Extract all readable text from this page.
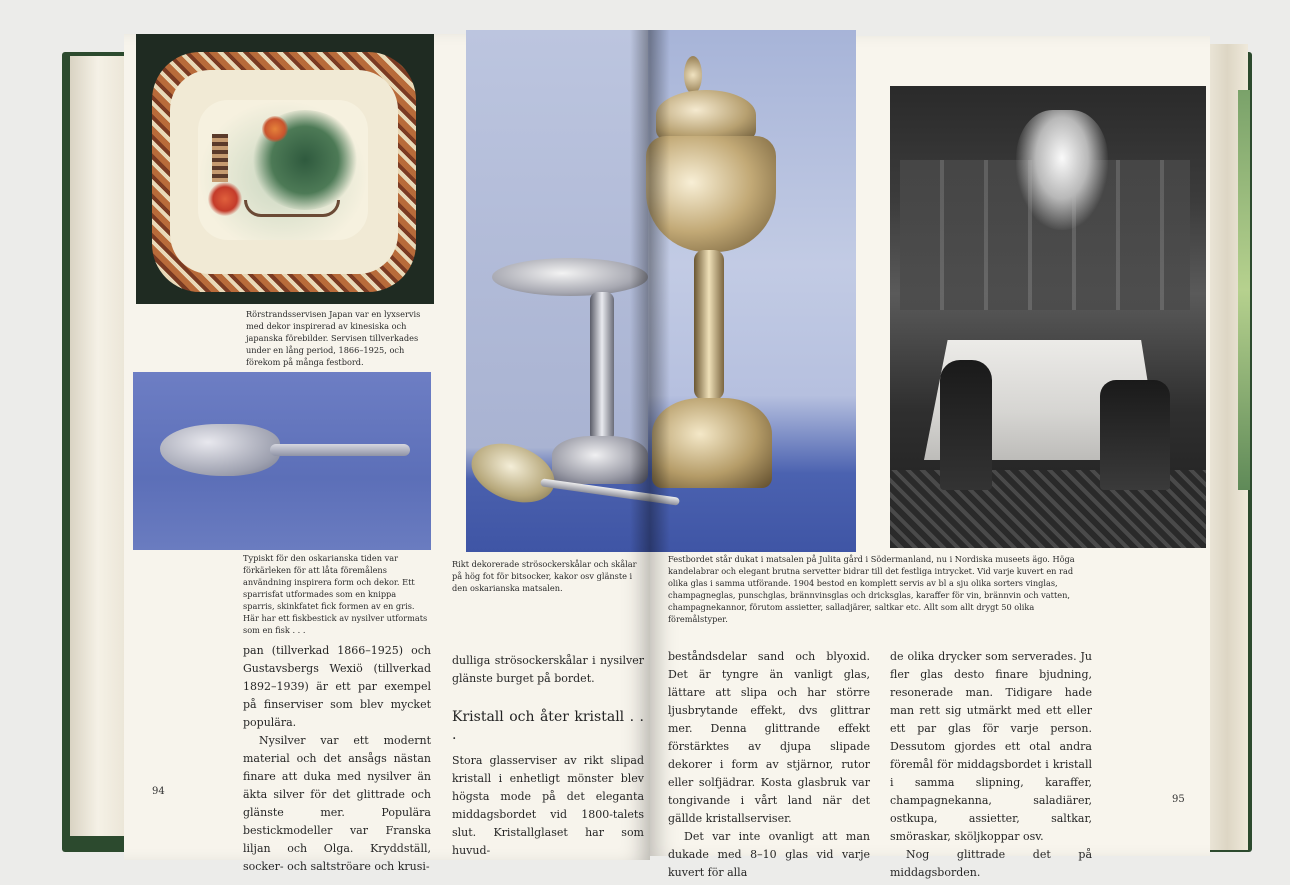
Rörstrandsservisen Japan var en lyxservis med dekor inspirerad av kinesiska och japanska förebilder. Servisen tillverkades under en lång period, 1866–1925, och förekom på många festbord.
Typiskt för den oskarianska tiden var förkärleken för att låta föremålens användning inspirera form och dekor. Ett sparrisfat utformades som en knippa sparris, skinkfatet fick formen av en gris. Här har ett fiskbestick av nysilver utformats som en fisk . . .
Rikt dekorerade strösockerskålar och skålar på hög fot för bitsocker, kakor osv glänste i den oskarianska matsalen.
Festbordet står dukat i matsalen på Julita gård i Södermanland, nu i Nordiska museets ägo. Höga kandelabrar och elegant brutna servetter bidrar till det festliga intrycket. Vid varje kuvert en rad olika glas i samma utförande. 1904 bestod en komplett servis av bl a sju olika sorters vinglas, champagneglas, punschglas, brännvinsglas och dricksglas, karaffer för vin, brännvin och vatten, champagnekannor, förutom assietter, salladjärer, saltkar etc. Allt som allt drygt 50 olika föremålstyper.

pan (tillverkad 1866–1925) och Gustavsbergs Wexiö (tillverkad 1892–1939) är ett par exempel på finserviser som blev mycket populära.

Nysilver var ett modernt material och det ansågs nästan finare att duka med nysilver än äkta silver för det glittrade och glänste mer. Populära bestickmodeller var Franska liljan och Olga. Kryddställ, socker- och saltströare och krusi-

dulliga strösockerskålar i nysilver glänste burget på bordet.

Kristall och åter kristall . . .

Stora glasserviser av rikt slipad kristall i enhetligt mönster blev högsta mode på det eleganta middagsbordet vid 1800-talets slut. Kristallglaset har som huvud-

94

beståndsdelar sand och blyoxid. Det är tyngre än vanligt glas, lättare att slipa och har större ljusbrytande effekt, dvs glittrar mer. Denna glittrande effekt förstärktes av djupa slipade dekorer i form av stjärnor, rutor eller solfjädrar. Kosta glasbruk var tongivande i vårt land när det gällde kristallserviser.

Det var inte ovanligt att man dukade med 8–10 glas vid varje kuvert för alla

de olika drycker som serverades. Ju fler glas desto finare bjudning, resonerade man. Tidigare hade man rett sig utmärkt med ett eller ett par glas för varje person. Dessutom gjordes ett otal andra föremål för middagsbordet i kristall i samma slipning, karaffer, champagnekanna, saladiärer, ostkupa, assietter, saltkar, smöraskar, sköljkoppar osv.

Nog glittrade det på middagsborden.

95
